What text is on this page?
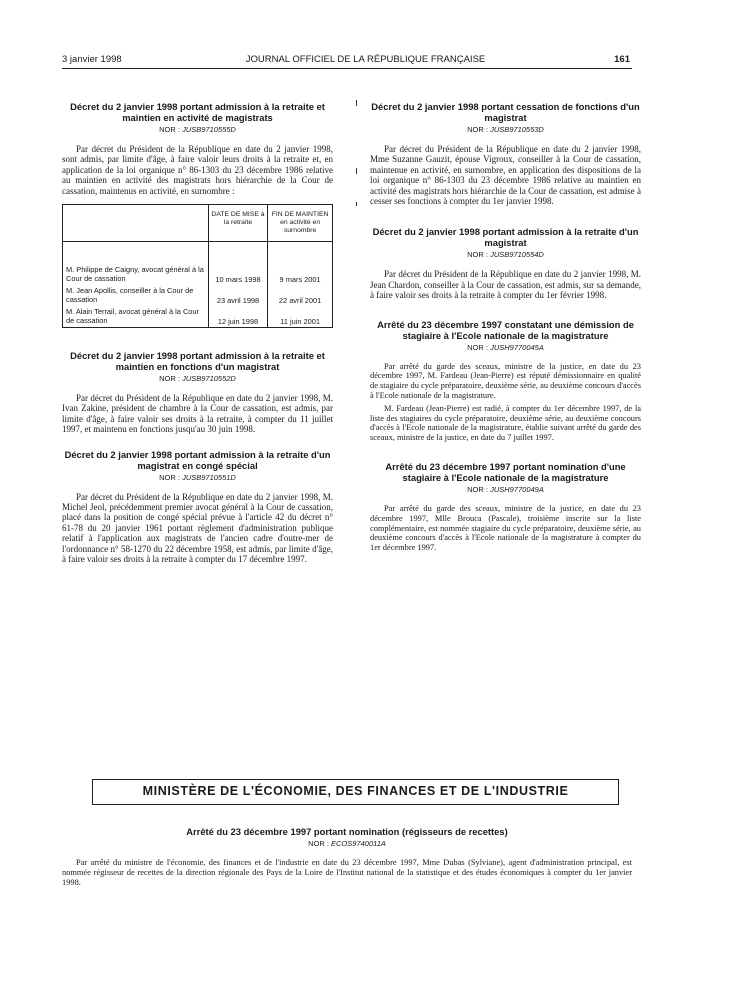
3 janvier 1998	JOURNAL OFFICIEL DE LA RÉPUBLIQUE FRANÇAISE	161

Décret du 2 janvier 1998 portant admission à la retraite et maintien en activité de magistrats

NOR : JUSB9710555D

Par décret du Président de la République en date du 2 janvier 1998, sont admis, par limite d'âge, à faire valoir leurs droits à la retraite et, en application de la loi organique n° 86-1303 du 23 décembre 1986 relative au maintien en activité des magistrats hors hiérarchie de la Cour de cassation, maintenus en activité, en surnombre :

	DATE DE MISE à la retraite	FIN DE MAINTIEN en activité en surnombre

M. Philippe de Caigny, avocat général à la Cour de cassation	10 mars 1998	9 mars 2001
M. Jean Apollis, conseiller à la Cour de cassation	23 avril 1998	22 avril 2001
M. Alain Terrail, avocat général à la Cour de cassation	12 juin 1998	11 juin 2001

Décret du 2 janvier 1998 portant admission à la retraite et maintien en fonctions d'un magistrat

NOR : JUSB9710552D

Par décret du Président de la République en date du 2 janvier 1998, M. Ivan Zakine, président de chambre à la Cour de cassation, est admis, par limite d'âge, à faire valoir ses droits à la retraite, à compter du 11 juillet 1997, et maintenu en fonctions jusqu'au 30 juin 1998.

Décret du 2 janvier 1998 portant admission à la retraite d'un magistrat en congé spécial

NOR : JUSB9710551D

Par décret du Président de la République en date du 2 janvier 1998, M. Michel Jeol, précédemment premier avocat général à la Cour de cassation, placé dans la position de congé spécial prévue à l'article 42 du décret n° 61-78 du 20 janvier 1961 portant règlement d'administration publique relatif à l'application aux magistrats de l'ancien cadre d'outre-mer de l'ordonnance n° 58-1270 du 22 décembre 1958, est admis, par limite d'âge, à faire valoir ses droits à la retraite à compter du 17 décembre 1997.

Décret du 2 janvier 1998 portant cessation de fonctions d'un magistrat

NOR : JUSB9710553D

Par décret du Président de la République en date du 2 janvier 1998, Mme Suzanne Gauzit, épouse Vigroux, conseiller à la Cour de cassation, maintenue en activité, en surnombre, en application des dispositions de la loi organique n° 86-1303 du 23 décembre 1986 relative au maintien en activité des magistrats hors hiérarchie de la Cour de cassation, est admise à cesser ses fonctions à compter du 1er janvier 1998.

Décret du 2 janvier 1998 portant admission à la retraite d'un magistrat

NOR : JUSB9710554D

Par décret du Président de la République en date du 2 janvier 1998, M. Jean Chardon, conseiller à la Cour de cassation, est admis, sur sa demande, à faire valoir ses droits à la retraite à compter du 1er février 1998.

Arrêté du 23 décembre 1997 constatant une démission de stagiaire à l'Ecole nationale de la magistrature

NOR : JUSH9770045A

Par arrêté du garde des sceaux, ministre de la justice, en date du 23 décembre 1997, M. Fardeau (Jean-Pierre) est réputé démissionnaire en qualité de stagiaire du cycle préparatoire, deuxième série, au deuxième concours d'accès à l'Ecole nationale de la magistrature.

M. Fardeau (Jean-Pierre) est radié, à compter du 1er décembre 1997, de la liste des stagiaires du cycle préparatoire, deuxième série, au deuxième concours d'accès à l'Ecole nationale de la magistrature, établie suivant arrêté du garde des sceaux, ministre de la justice, en date du 7 juillet 1997.

Arrêté du 23 décembre 1997 portant nomination d'une stagiaire à l'Ecole nationale de la magistrature

NOR : JUSH9770049A

Par arrêté du garde des sceaux, ministre de la justice, en date du 23 décembre 1997, Mlle Brouca (Pascale), troisième inscrite sur la liste complémentaire, est nommée stagiaire du cycle préparatoire, deuxième série, au deuxième concours d'accès à l'Ecole nationale de la magistrature à compter du 1er décembre 1997.

MINISTÈRE DE L'ÉCONOMIE, DES FINANCES ET DE L'INDUSTRIE

Arrêté du 23 décembre 1997 portant nomination (régisseurs de recettes)

NOR : ECOS9740011A

Par arrêté du ministre de l'économie, des finances et de l'industrie en date du 23 décembre 1997, Mme Dubas (Sylviane), agent d'administration principal, est nommée régisseur de recettes de la direction régionale des Pays de la Loire de l'Institut national de la statistique et des études économiques à compter du 1er janvier 1998.
